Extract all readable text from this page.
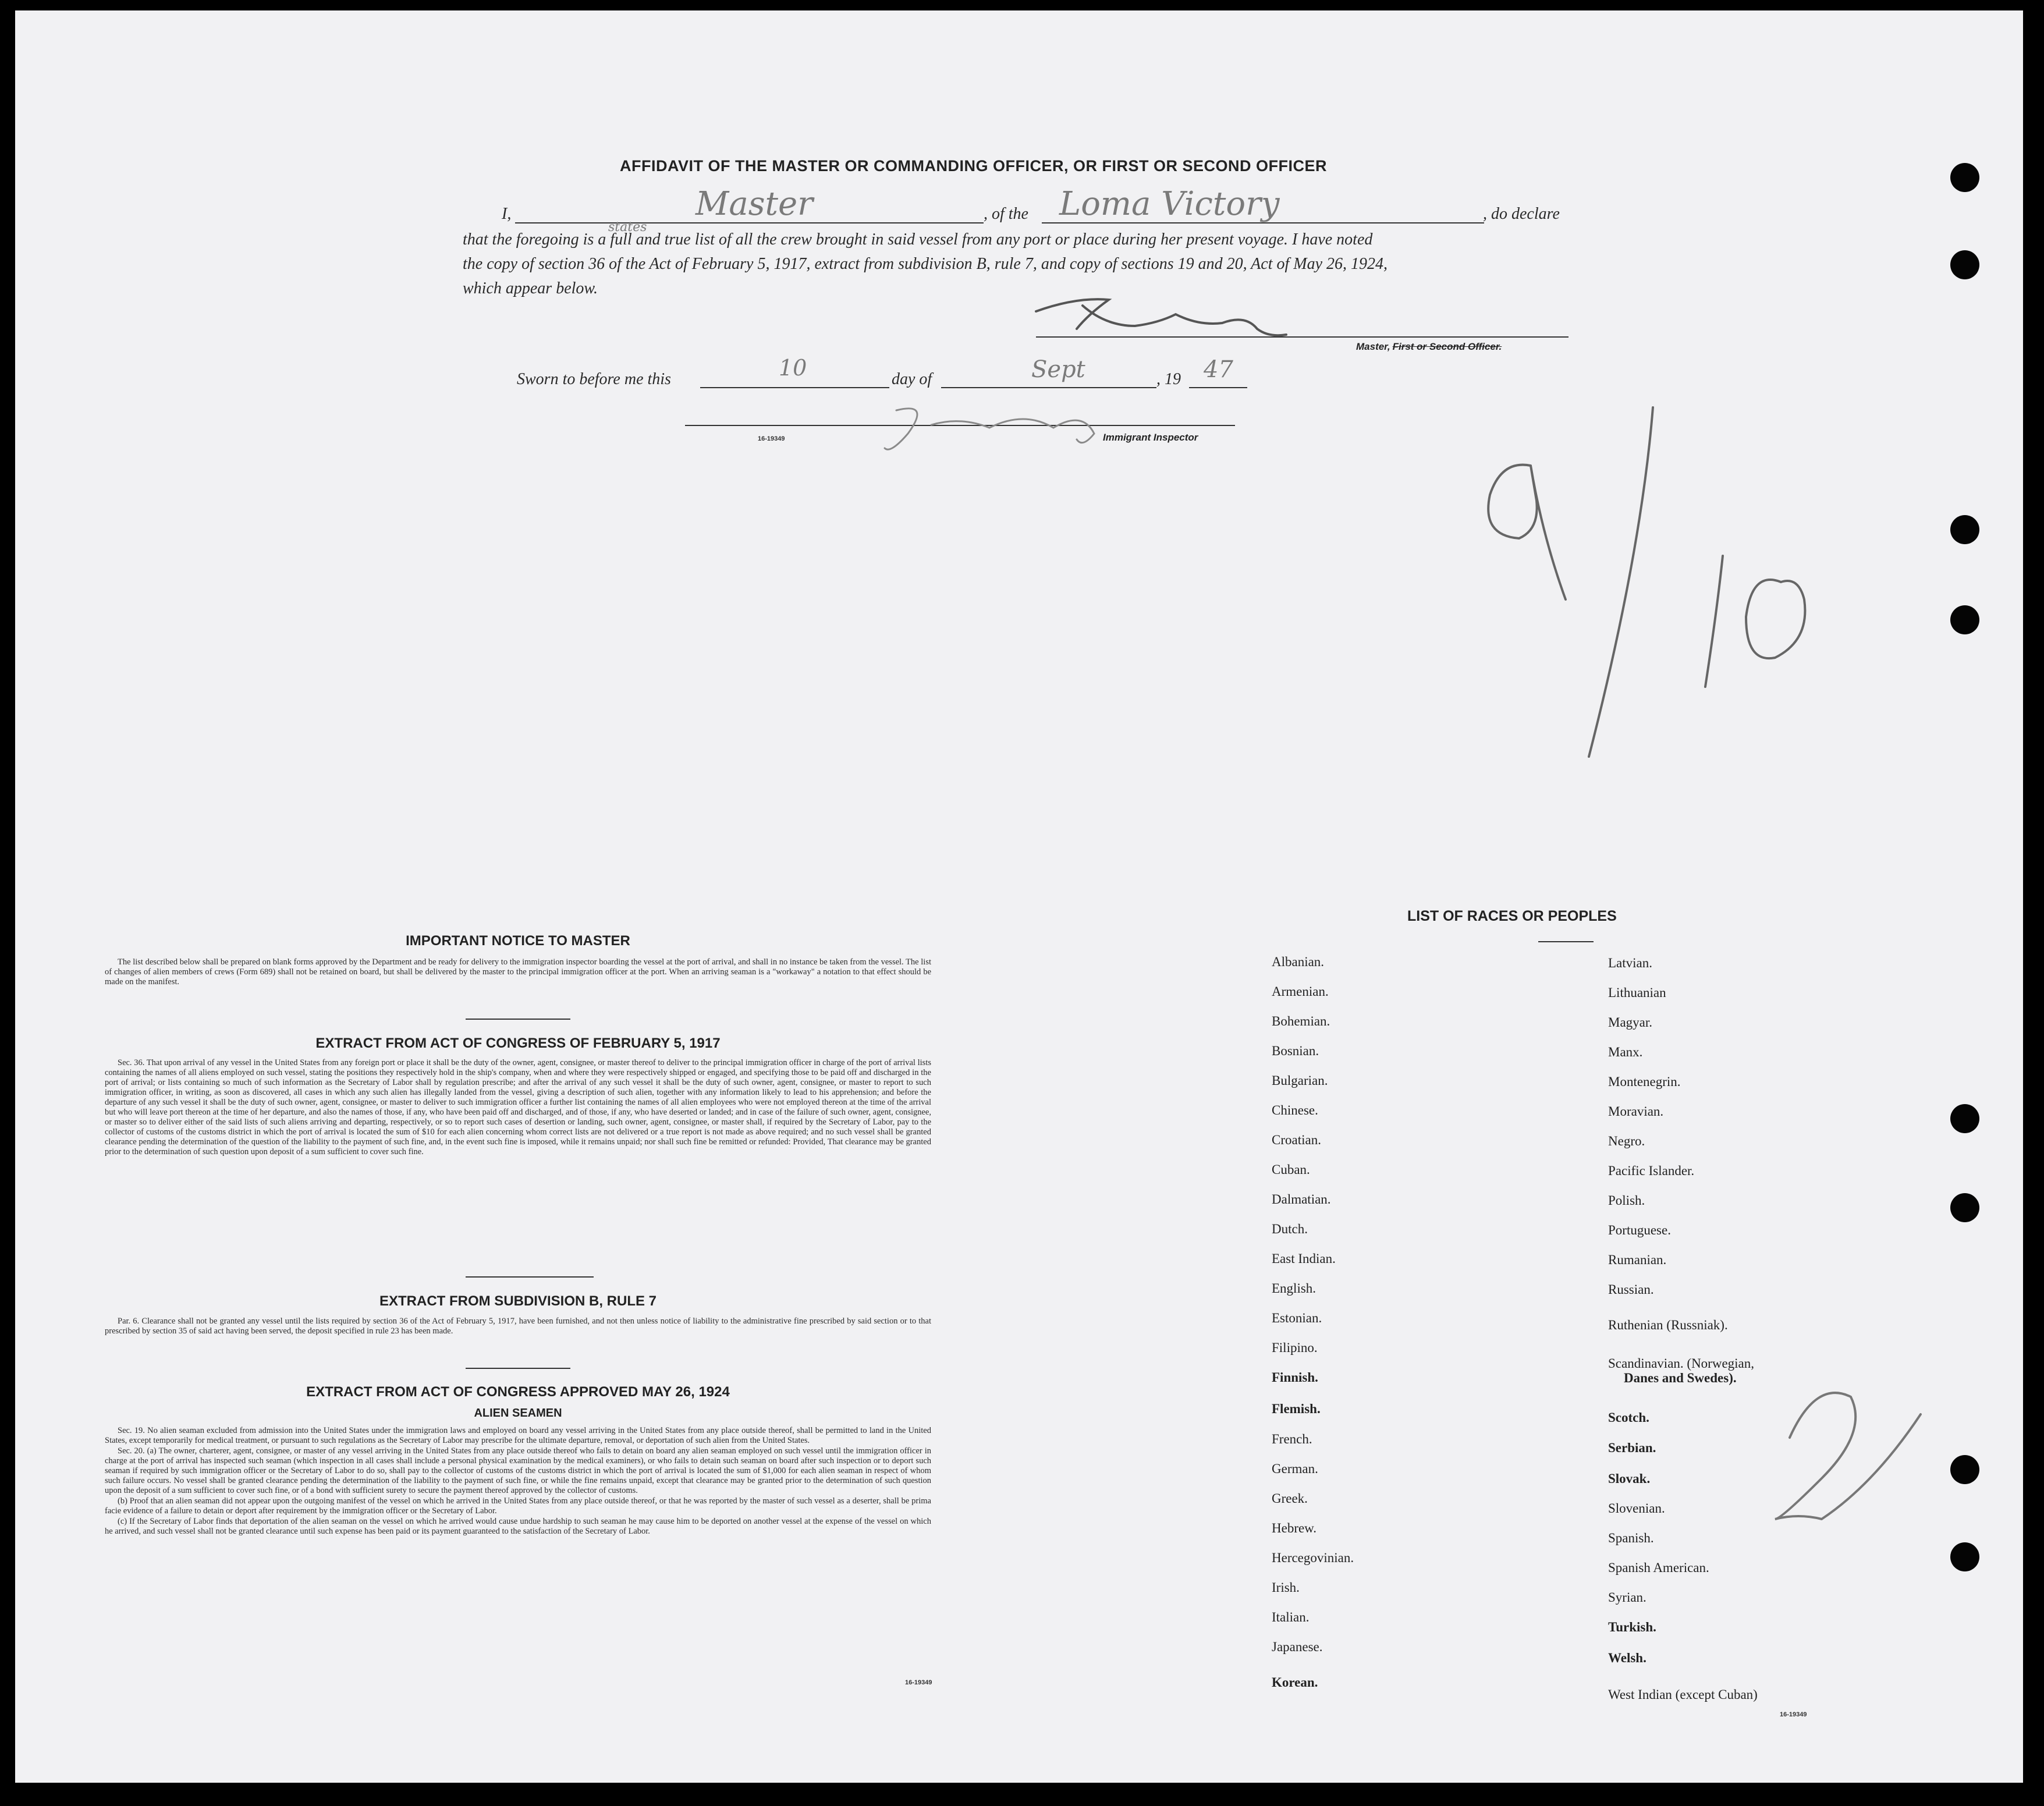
AFFIDAVIT OF THE MASTER OR COMMANDING OFFICER, OR FIRST OR SECOND OFFICER
I,	Master	, of the Loma Victory	, do declare
states
that the foregoing is a full and true list of all the crew brought in said vessel from any port or place during her present voyage. I have noted
the copy of section 36 of the Act of February 5, 1917, extract from subdivision B, rule 7, and copy of sections 19 and 20, Act of May 26, 1924,
which appear below.
Master, First or Second Officer.
Sworn to before me this	10	day of	Sept	, 19 47
16-19349	Immigrant Inspector
IMPORTANT NOTICE TO MASTER

The list described below shall be prepared on blank forms approved by the Department and be ready for delivery to the immigration inspector boarding the vessel at the port of arrival, and shall in no instance be taken from the vessel. The list of changes of alien members of crews (Form 689) shall not be retained on board, but shall be delivered by the master to the principal immigration officer at the port. When an arriving seaman is a "workaway" a notation to that effect should be made on the manifest.

EXTRACT FROM ACT OF CONGRESS OF FEBRUARY 5, 1917

Sec. 36. That upon arrival of any vessel in the United States from any foreign port or place it shall be the duty of the owner, agent, consignee, or master thereof to deliver to the principal immigration officer in charge of the port of arrival lists containing the names of all aliens employed on such vessel, stating the positions they respectively hold in the ship's company, when and where they were respectively shipped or engaged, and specifying those to be paid off and discharged in the port of arrival; or lists containing so much of such information as the Secretary of Labor shall by regulation prescribe; and after the arrival of any such vessel it shall be the duty of such owner, agent, consignee, or master to report to such immigration officer, in writing, as soon as discovered, all cases in which any such alien has illegally landed from the vessel, giving a description of such alien, together with any information likely to lead to his apprehension; and before the departure of any such vessel it shall be the duty of such owner, agent, consignee, or master to deliver to such immigration officer a further list containing the names of all alien employees who were not employed thereon at the time of the arrival but who will leave port thereon at the time of her departure, and also the names of those, if any, who have been paid off and discharged, and of those, if any, who have deserted or landed; and in case of the failure of such owner, agent, consignee, or master so to deliver either of the said lists of such aliens arriving and departing, respectively, or so to report such cases of desertion or landing, such owner, agent, consignee, or master shall, if required by the Secretary of Labor, pay to the collector of customs of the customs district in which the port of arrival is located the sum of $10 for each alien concerning whom correct lists are not delivered or a true report is not made as above required; and no such vessel shall be granted clearance pending the determination of the question of the liability to the payment of such fine, and, in the event such fine is imposed, while it remains unpaid; nor shall such fine be remitted or refunded: Provided, That clearance may be granted prior to the determination of such question upon deposit of a sum sufficient to cover such fine.

EXTRACT FROM SUBDIVISION B, RULE 7

Par. 6. Clearance shall not be granted any vessel until the lists required by section 36 of the Act of February 5, 1917, have been furnished, and not then unless notice of liability to the administrative fine prescribed by said section or to that prescribed by section 35 of said act having been served, the deposit specified in rule 23 has been made.

EXTRACT FROM ACT OF CONGRESS APPROVED MAY 26, 1924
ALIEN SEAMEN

Sec. 19. No alien seaman excluded from admission into the United States under the immigration laws and employed on board any vessel arriving in the United States from any place outside thereof, shall be permitted to land in the United States, except temporarily for medical treatment, or pursuant to such regulations as the Secretary of Labor may prescribe for the ultimate departure, removal, or deportation of such alien from the United States.

Sec. 20. (a) The owner, charterer, agent, consignee, or master of any vessel arriving in the United States from any place outside thereof who fails to detain on board any alien seaman employed on such vessel until the immigration officer in charge at the port of arrival has inspected such seaman (which inspection in all cases shall include a personal physical examination by the medical examiners), or who fails to detain such seaman on board after such inspection or to deport such seaman if required by such immigration officer or the Secretary of Labor to do so, shall pay to the collector of customs of the customs district in which the port of arrival is located the sum of $1,000 for each alien seaman in respect of whom such failure occurs. No vessel shall be granted clearance pending the determination of the liability to the payment of such fine, or while the fine remains unpaid, except that clearance may be granted prior to the determination of such question upon the deposit of a sum sufficient to cover such fine, or of a bond with sufficient surety to secure the payment thereof approved by the collector of customs.

(b) Proof that an alien seaman did not appear upon the outgoing manifest of the vessel on which he arrived in the United States from any place outside thereof, or that he was reported by the master of such vessel as a deserter, shall be prima facie evidence of a failure to detain or deport after requirement by the immigration officer or the Secretary of Labor.

(c) If the Secretary of Labor finds that deportation of the alien seaman on the vessel on which he arrived would cause undue hardship to such seaman he may cause him to be deported on another vessel at the expense of the vessel on which he arrived, and such vessel shall not be granted clearance until such expense has been paid or its payment guaranteed to the satisfaction of the Secretary of Labor.

16-19349
LIST OF RACES OR PEOPLES
Albanian.
Armenian.
Bohemian.
Bosnian.
Bulgarian.
Chinese.
Croatian.
Cuban.
Dalmatian.
Dutch.
East Indian.
English.
Estonian.
Filipino.
Finnish.
Flemish.
French.
German.
Greek.
Hebrew.
Hercegovinian.
Irish.
Italian.
Japanese.
Korean.
Latvian.
Lithuanian
Magyar.
Manx.
Montenegrin.
Moravian.
Negro.
Pacific Islander.
Polish.
Portuguese.
Rumanian.
Russian.
Ruthenian (Russniak).
Scandinavian. (Norwegian,
Danes and Swedes).
Scotch.
Serbian.
Slovak.
Slovenian.
Spanish.
Spanish American.
Syrian.
Turkish.
Welsh.
West Indian (except Cuban)
16-19349
